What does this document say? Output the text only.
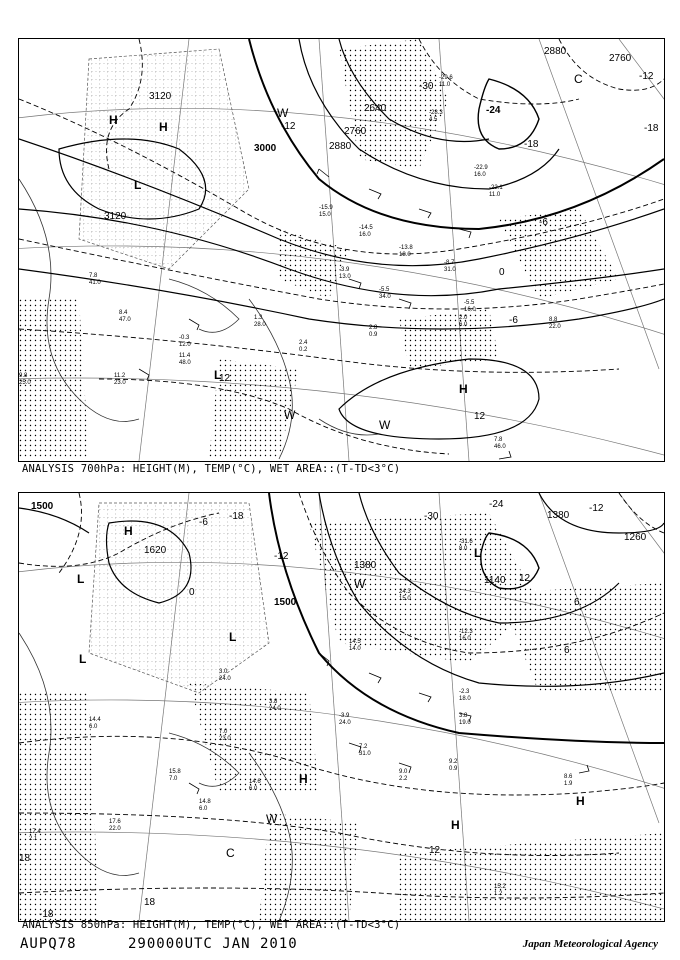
3120
3000	2880
2760
2640
3120
2880
2760
-12
-18
-24
-30
-6
0
-6
12
12
-12
-18
H	H
L
H
W
W
W
C
L
-15.9
15.0
-14.5
16.0
-13.8
18.0
-8.7
31.0
-3.9
13.0
-5.5
34.0
-5.5
16.0
7.8
41.0
8.4
47.0
-0.3
12.0
1.3
28.0
2.4
0.2
2.8
0.9
2.0
6.0
8.8
22.0
11.2
23.0
11.4
48.0
9.8
25.0
7.8
46.0
-22.9
16.0
-22.1
11.0
-28.3
4.5
-29.6
11.0
ANALYSIS 700hPa: HEIGHT(M), TEMP(°C), WET AREA::(T-TD<3°C)
1500
1620
1500
1380
1380
1260
1140
-18
-12
-6
0
6
12
18
18
-18
-24
-30
-12
6
12
H
L
L
L
W
C
L
H
H
W
H
14.5
14.0
24.3
15.0
-12.3
16.0
-2.3
18.0
3.8
19.0
-3.9
24.0
3.0
24.0
3.8
24.0
7.0
23.0
7.2
31.0
9.0
2.2
9.2
0.9
8.6
1.9
14.4
6.0
15.8
7.0	14.6
6.0
14.8
6.0
17.6
22.0
17.4
2.1
15.2
1.2
-31.6
8.0
ANALYSIS 850hPa: HEIGHT(M), TEMP(°C), WET AREA::(T-TD<3°C)
AUPQ78	290000UTC JAN 2010	Japan Meteorological Agency
